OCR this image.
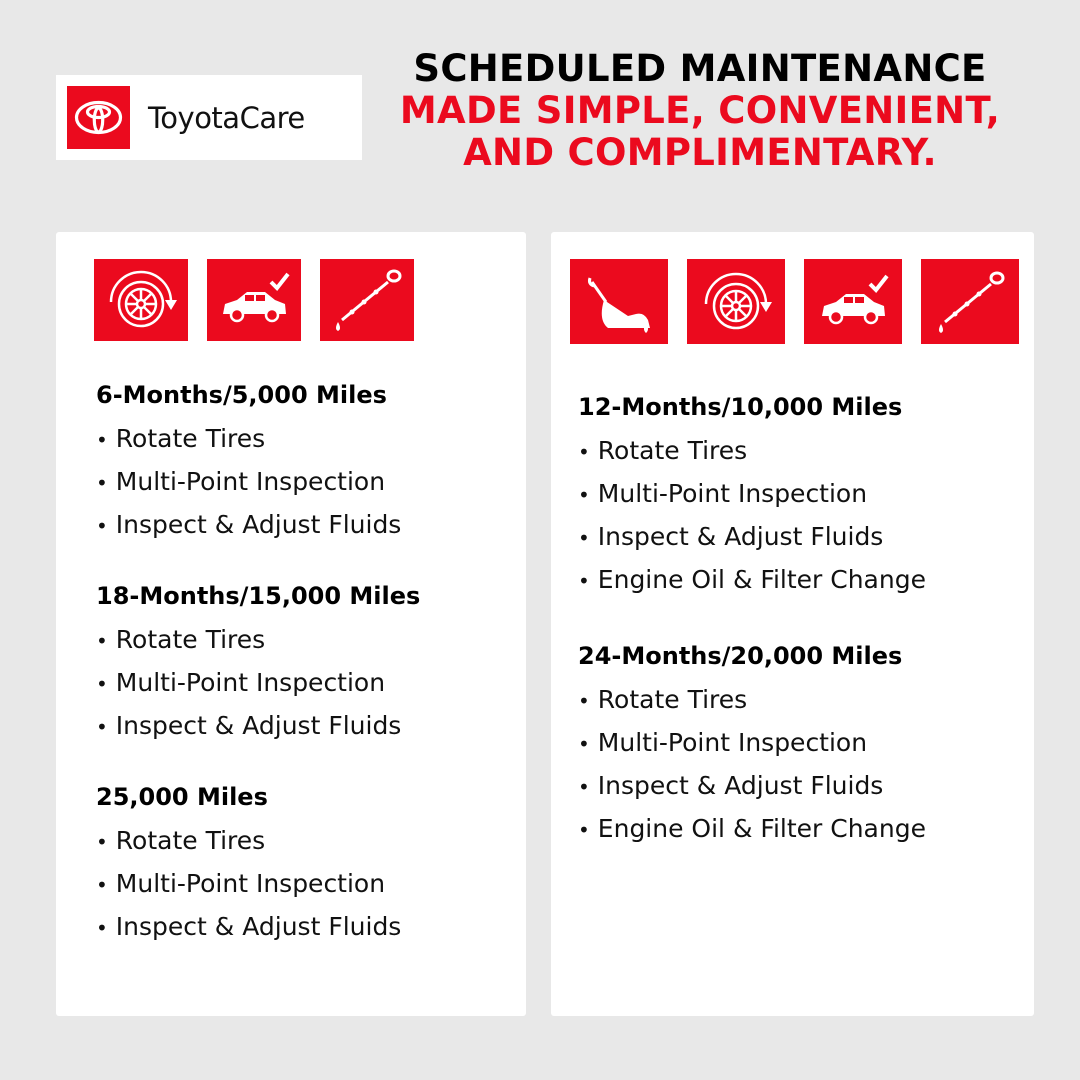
ToyotaCare
SCHEDULED MAINTENANCE
MADE SIMPLE, CONVENIENT,
AND COMPLIMENTARY.
6-Months/5,000 Miles
• Rotate Tires
• Multi-Point Inspection
• Inspect & Adjust Fluids
18-Months/15,000 Miles
• Rotate Tires
• Multi-Point Inspection
• Inspect & Adjust Fluids
25,000 Miles
• Rotate Tires
• Multi-Point Inspection
• Inspect & Adjust Fluids
12-Months/10,000 Miles
• Rotate Tires
• Multi-Point Inspection
• Inspect & Adjust Fluids
• Engine Oil & Filter Change
24-Months/20,000 Miles
• Rotate Tires
• Multi-Point Inspection
• Inspect & Adjust Fluids
• Engine Oil & Filter Change
